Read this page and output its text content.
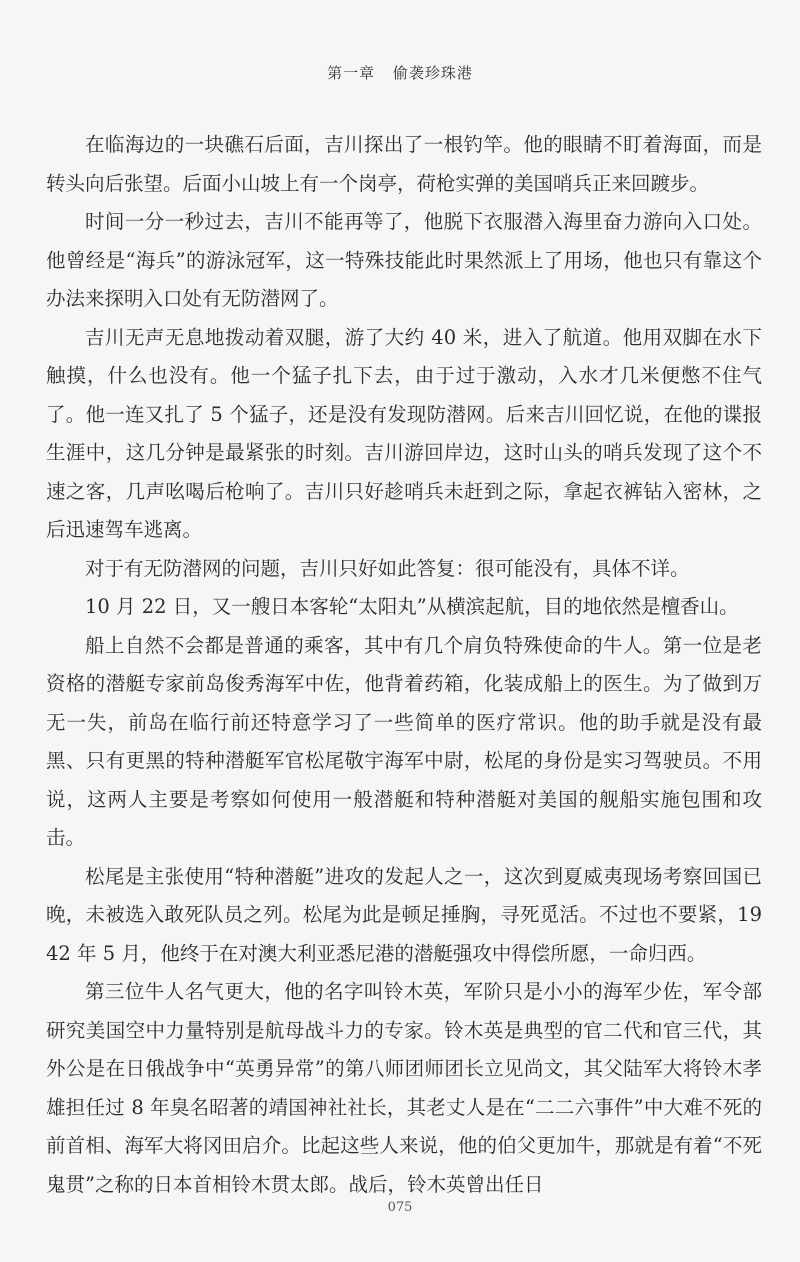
第一章 偷袭珍珠港

在临海边的一块礁石后面，吉川探出了一根钓竿。他的眼睛不盯着海面，而是转头向后张望。后面小山坡上有一个岗亭，荷枪实弹的美国哨兵正来回踱步。

时间一分一秒过去，吉川不能再等了，他脱下衣服潜入海里奋力游向入口处。他曾经是“海兵”的游泳冠军，这一特殊技能此时果然派上了用场，他也只有靠这个办法来探明入口处有无防潜网了。

吉川无声无息地拨动着双腿，游了大约 40 米，进入了航道。他用双脚在水下触摸，什么也没有。他一个猛子扎下去，由于过于激动，入水才几米便憋不住气了。他一连又扎了 5 个猛子，还是没有发现防潜网。后来吉川回忆说，在他的谍报生涯中，这几分钟是最紧张的时刻。吉川游回岸边，这时山头的哨兵发现了这个不速之客，几声吆喝后枪响了。吉川只好趁哨兵未赶到之际，拿起衣裤钻入密林，之后迅速驾车逃离。

对于有无防潜网的问题，吉川只好如此答复：很可能没有，具体不详。

10 月 22 日，又一艘日本客轮“太阳丸”从横滨起航，目的地依然是檀香山。

船上自然不会都是普通的乘客，其中有几个肩负特殊使命的牛人。第一位是老资格的潜艇专家前岛俊秀海军中佐，他背着药箱，化装成船上的医生。为了做到万无一失，前岛在临行前还特意学习了一些简单的医疗常识。他的助手就是没有最黑、只有更黑的特种潜艇军官松尾敬宇海军中尉，松尾的身份是实习驾驶员。不用说，这两人主要是考察如何使用一般潜艇和特种潜艇对美国的舰船实施包围和攻击。

松尾是主张使用“特种潜艇”进攻的发起人之一，这次到夏威夷现场考察回国已晚，未被选入敢死队员之列。松尾为此是顿足捶胸，寻死觅活。不过也不要紧，1942 年 5 月，他终于在对澳大利亚悉尼港的潜艇强攻中得偿所愿，一命归西。

第三位牛人名气更大，他的名字叫铃木英，军阶只是小小的海军少佐，军令部研究美国空中力量特别是航母战斗力的专家。铃木英是典型的官二代和官三代，其外公是在日俄战争中“英勇异常”的第八师团师团长立见尚文，其父陆军大将铃木孝雄担任过 8 年臭名昭著的靖国神社社长，其老丈人是在“二二六事件”中大难不死的前首相、海军大将冈田启介。比起这些人来说，他的伯父更加牛，那就是有着“不死鬼贯”之称的日本首相铃木贯太郎。战后，铃木英曾出任日

075
